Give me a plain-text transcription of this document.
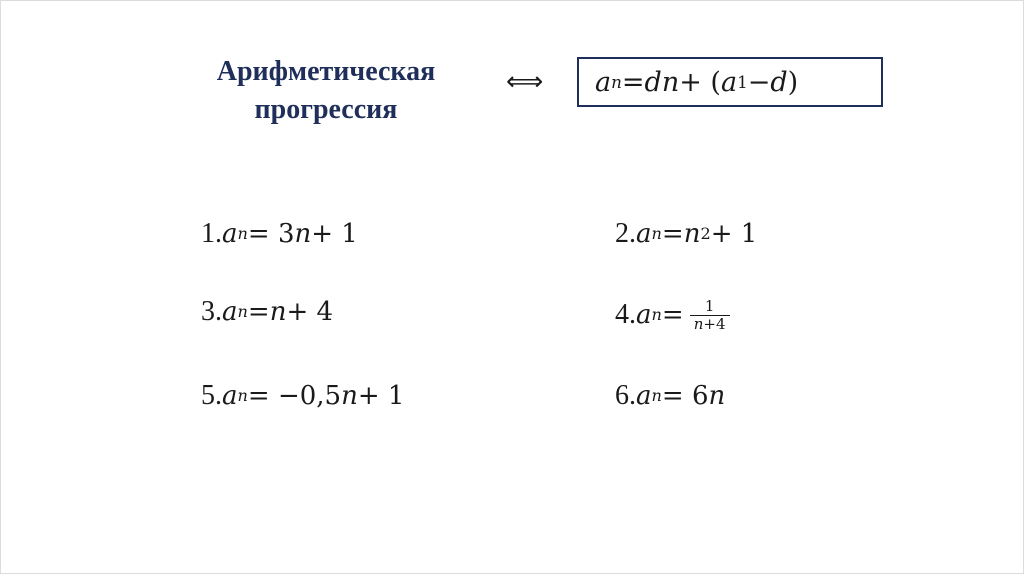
Арифметическая
прогрессия
⟺ a n = d n + ( a 1 − d )
1. a n = 3 n + 1	2. a n = n 2 + 1
3. a n = n + 4	4. a $n = \frac{1}{n+4}$
5. a n = −0,5 n + 1	6. a n = 6 n
